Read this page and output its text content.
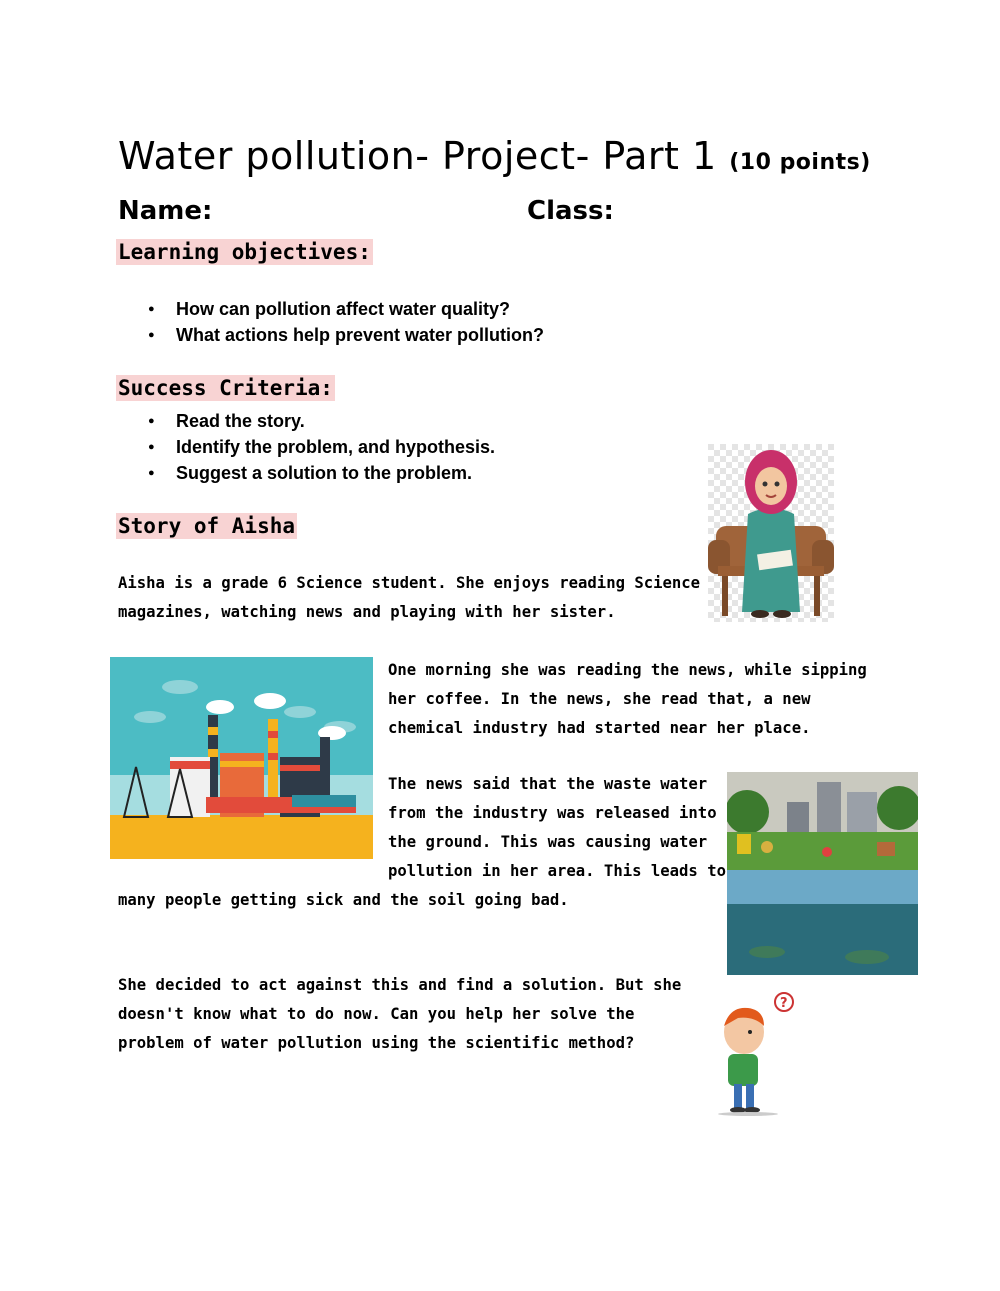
Water pollution- Project- Part 1 (10 points)
Name:	Class:
Learning objectives:
● How can pollution affect water quality?
● What actions help prevent water pollution?
Success Criteria:
● Read the story.
● Identify the problem, and hypothesis.
● Suggest a solution to the problem.
Story of Aisha
Aisha is a grade 6 Science student. She enjoys reading Science
magazines, watching news and playing with her sister.
One morning she was reading the news, while sipping
her coffee. In the news, she read that, a new
chemical industry had started near her place.
The news said that the waste water
from the industry was released into
the ground. This was causing water
pollution in her area. This leads to
many people getting sick and the soil going bad.
She decided to act against this and find a solution. But she
doesn't know what to do now. Can you help her solve the
problem of water pollution using the scientific method?
?
